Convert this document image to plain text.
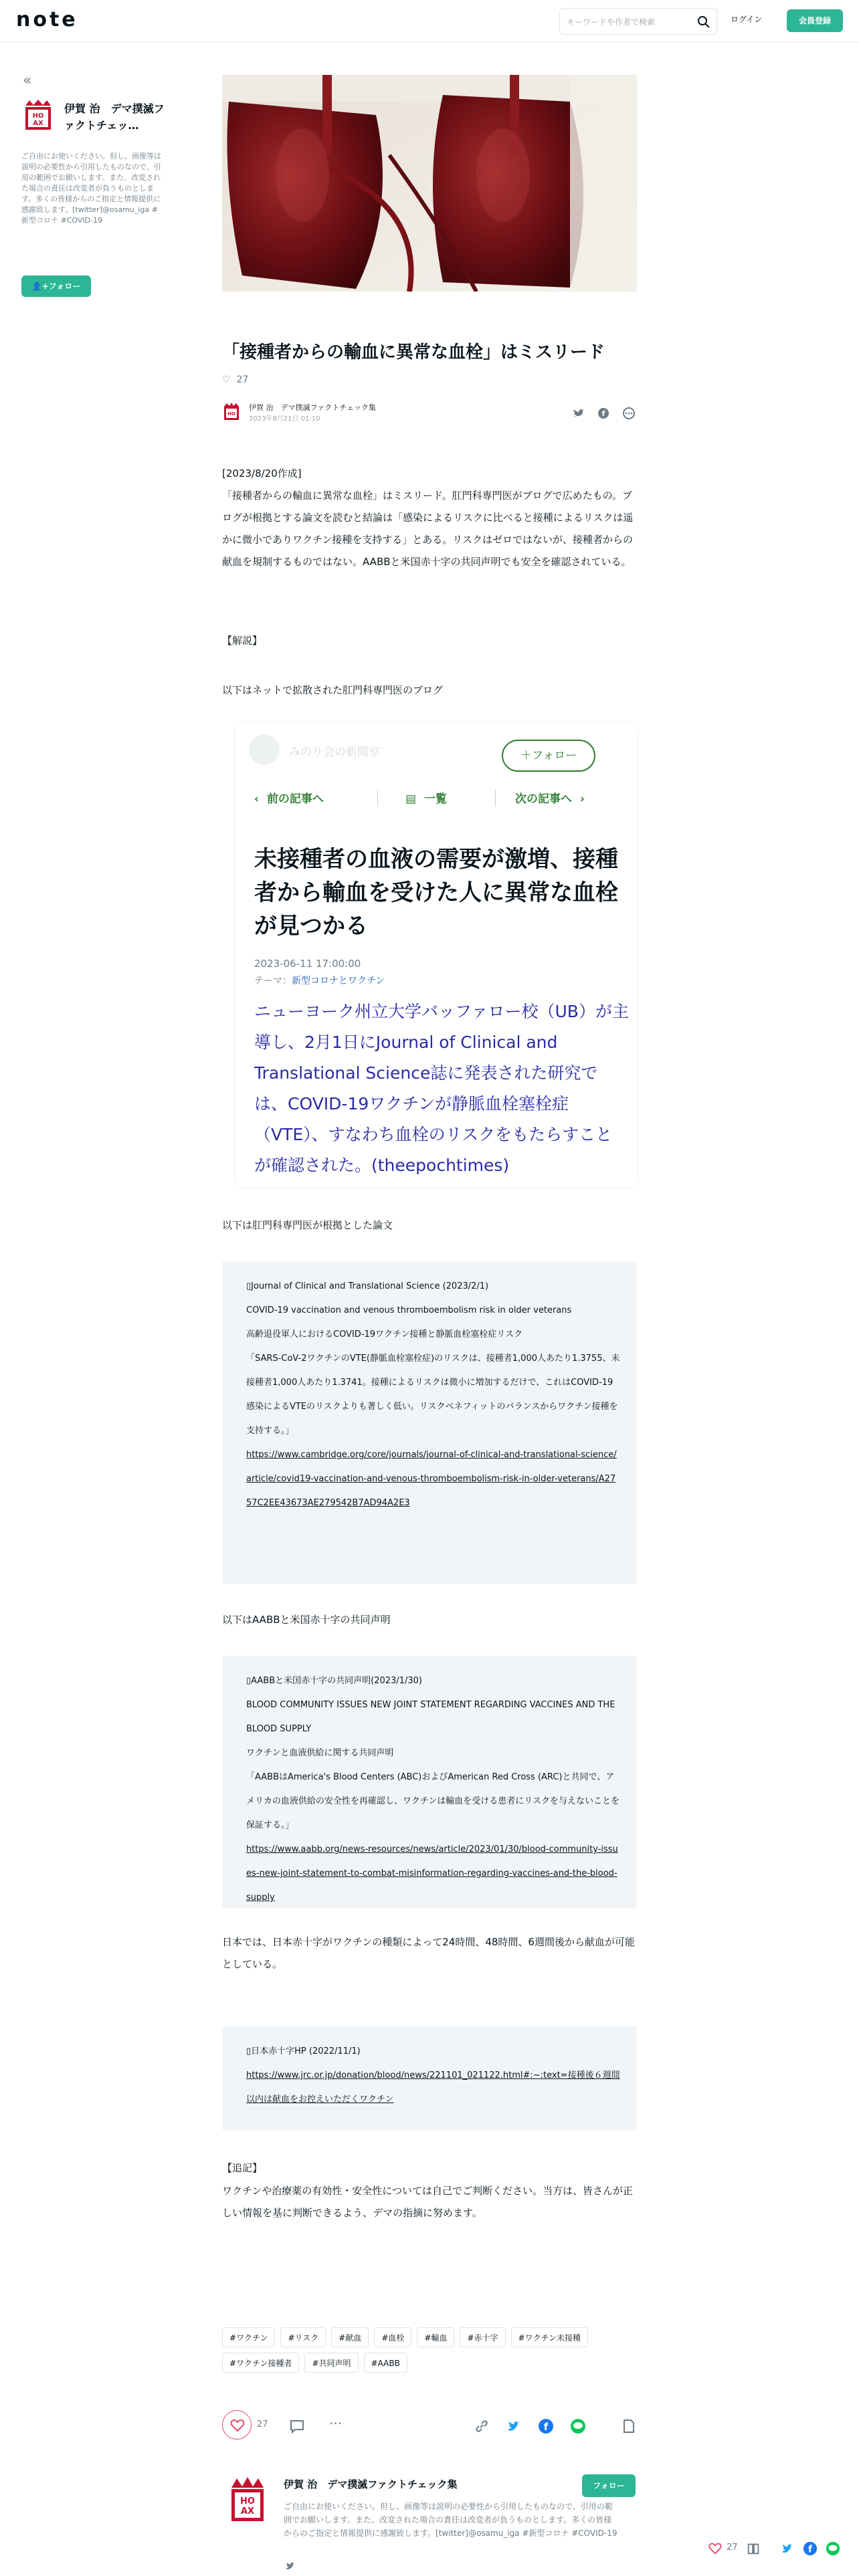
note
キーワードや作者で検索	ログイン	会員登録
«
HO
AX
伊賀 治　デマ撲滅ファクトチェッ…
ご自由にお使いください。但し、画像等は説明の必要性から引用したものなので、引用の範囲でお願いします。また、改変された場合の責任は改変者が負うものとします。多くの皆様からのご指定と情報提供に感謝致します。[twitter]@osamu_iga #新型コロナ #COVID-19
👤+フォロー
「接種者からの輸血に異常な血栓」はミスリード
♡ 27
HO
伊賀 治　デマ撲滅ファクトチェック集
2023年8月21日 01:10
f
[2023/8/20作成]
「接種者からの輸血に異常な血栓」はミスリード。肛門科専門医がブログで広めたもの。ブログが根拠とする論文を読むと結論は「感染によるリスクに比べると接種によるリスクは遥かに微小でありワクチン接種を支持する」とある。リスクはゼロではないが、接種者からの献血を規制するものではない。AABBと米国赤十字の共同声明でも安全を確認されている。
【解説】
以下はネットで拡散された肛門科専門医のブログ
みのり会の新聞室	＋フォロー
‹ 前の記事へ	▤ 一覧	次の記事へ ›
未接種者の血液の需要が激増、接種者から輸血を受けた人に異常な血栓が見つかる
2023-06-11 17:00:00
テーマ：新型コロナとワクチン
ニューヨーク州立大学バッファロー校（UB）が主導し、2月1日にJournal of Clinical and Translational Science誌に発表された研究では、COVID-19ワクチンが静脈血栓塞栓症（VTE）、すなわち血栓のリスクをもたらすことが確認された。(theepochtimes)
以下は肛門科専門医が根拠とした論文
▯Journal of Clinical and Translational Science (2023/2/1)
COVID-19 vaccination and venous thromboembolism risk in older veterans
高齢退役軍人におけるCOVID-19ワクチン接種と静脈血栓塞栓症リスク
「SARS-CoV-2ワクチンのVTE(静脈血栓塞栓症)のリスクは、接種者1,000人あたり1.3755、未接種者1,000人あたり1.3741。接種によるリスクは微小に増加するだけで、これはCOVID-19感染によるVTEのリスクよりも著しく低い。リスクベネフィットのバランスからワクチン接種を支持する。」
https://www.cambridge.org/core/journals/journal-of-clinical-and-translational-science/article/covid19-vaccination-and-venous-thromboembolism-risk-in-older-veterans/A2757C2EE43673AE279542B7AD94A2E3
以下はAABBと米国赤十字の共同声明
▯AABBと米国赤十字の共同声明(2023/1/30)
BLOOD COMMUNITY ISSUES NEW JOINT STATEMENT REGARDING VACCINES AND THE BLOOD SUPPLY
ワクチンと血液供給に関する共同声明
「AABBはAmerica's Blood Centers (ABC)およびAmerican Red Cross (ARC)と共同で、アメリカの血液供給の安全性を再確認し、ワクチンは輸血を受ける患者にリスクを与えないことを保証する。」
https://www.aabb.org/news-resources/news/article/2023/01/30/blood-community-issues-new-joint-statement-to-combat-misinformation-regarding-vaccines-and-the-blood-supply
日本では、日本赤十字がワクチンの種類によって24時間、48時間、6週間後から献血が可能としている。
▯日本赤十字HP (2022/11/1)
https://www.jrc.or.jp/donation/blood/news/221101_021122.html#:~:text=接種後６週間以内は献血をお控えいただくワクチン
【追記】
ワクチンや治療薬の有効性・安全性については自己でご判断ください。当方は、皆さんが正しい情報を基に判断できるよう、デマの指摘に努めます。
#ワクチン	#リスク	#献血	#血栓	#輸血	#赤十字	#ワクチン未接種
#ワクチン接種者	#共同声明	#AABB
27	···	f
HO
AX
伊賀 治　デマ撲滅ファクトチェック集	フォロー
ご自由にお使いください。但し、画像等は説明の必要性から引用したものなので、引用の範囲でお願いします。また、改変された場合の責任は改変者が負うものとします。多くの皆様からのご指定と情報提供に感謝致します。[twitter]@osamu_iga #新型コロナ #COVID-19
27	f
